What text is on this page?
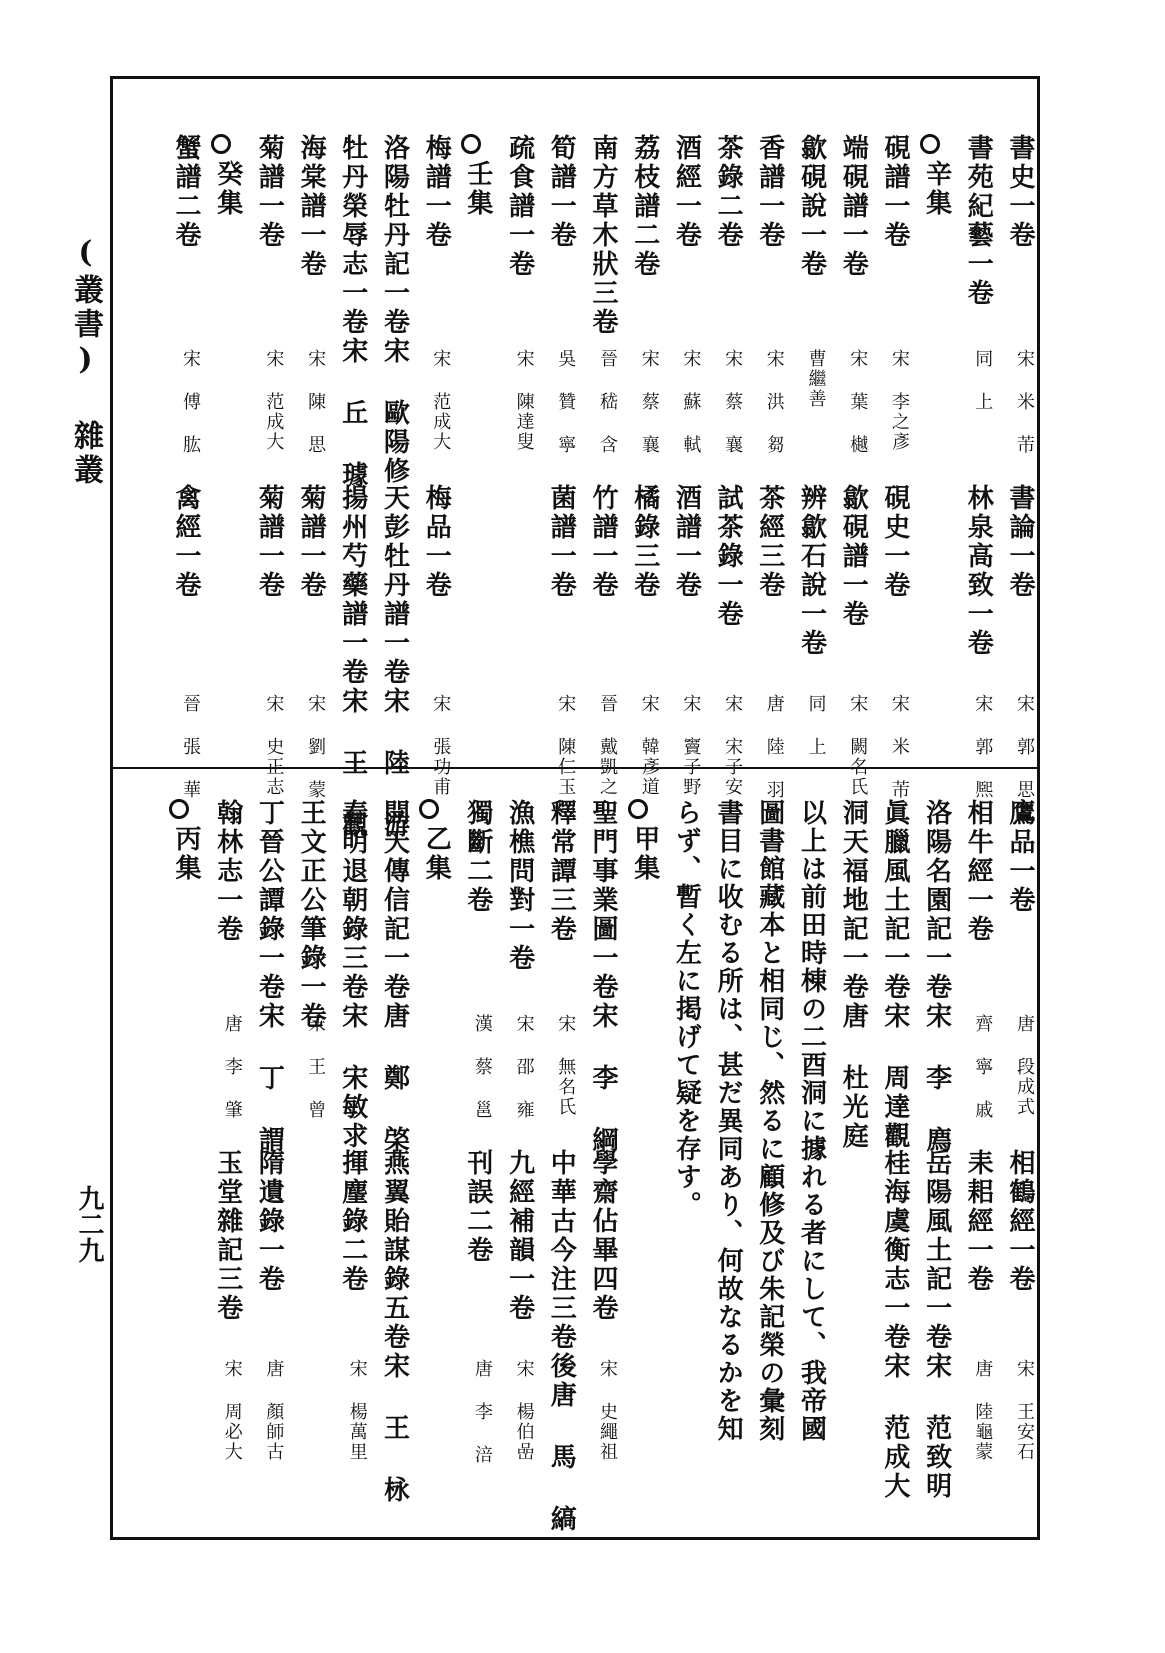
(叢書) 雜叢
九二九
書史一卷
宋 米 芾
書論一卷
宋 郭 思
書苑紀藝一卷
同 上
林泉高致一卷
宋 郭 熈
辛集
硯譜一卷
宋 李之彥
硯史一卷
宋 米 芾
端硯譜一卷
宋 葉 樾
歙硯譜一卷
宋 闕名氏
歙硯說一卷
曹繼善
辨歙石說一卷
同 上
香譜一卷
宋 洪 芻
茶經三卷
唐 陸 羽
茶錄二卷
宋 蔡 襄
試茶錄一卷
宋 宋子安
酒經一卷
宋 蘇 軾
酒譜一卷
宋 竇子野
荔枝譜二卷
宋 蔡 襄
橘錄三卷
宋 韓彥道
南方草木狀三卷
晉 嵇 含
竹譜一卷
晉 戴凱之
筍譜一卷
吳 贊 寧
菌譜一卷
宋 陳仁玉
疏食譜一卷
宋 陳達叟
壬集
梅譜一卷
宋 范成大
梅品一卷
宋 張功甫
洛陽牡丹記一卷宋 歐陽修
天彭牡丹譜一卷宋 陸 游
牡丹榮辱志一卷宋 丘 璩
揚州芍藥譜一卷宋 王 觀
海棠譜一卷
宋 陳 思
菊譜一卷
宋 劉 蒙
菊譜一卷
宋 范成大
菊譜一卷
宋 史正志
癸集
蟹譜二卷
宋 傅 肱
禽經一卷
晉 張 華
鷹品一卷
唐 段成式
相鶴經一卷
宋 王安石
相牛經一卷
齊 寧 戚
耒耜經一卷
唐 陸龜蒙
洛陽名園記一卷宋 李 廌
岳陽風土記一卷宋 范致明
眞臘風土記一卷宋 周達觀
桂海虞衡志一卷宋 范成大
洞天福地記一卷唐 杜光庭
以上は前田時棟の二酉洞に據れる者にして、我帝國
圖書館藏本と相同じ、然るに顧修及び朱記榮の彙刻
書目に收むる所は、甚だ異同あり、何故なるかを知
らず、暫く左に掲げて疑を存す。
甲集
聖門事業圖一卷宋 李 綱
學齋佔畢四卷
宋 史繩祖
釋常譚三卷
宋 無名氏
中華古今注三卷後唐 馬 縞
漁樵問對一卷
宋 邵 雍
九經補韻一卷
宋 楊伯嵒
獨斷二卷
漢 蔡 邕
刊誤二卷
唐 李 涪
乙集
開天傳信記一卷唐 鄭 棨
燕翼貽謀錄五卷宋 王 栐
春明退朝錄三卷宋 宋敏求
揮麈錄二卷
宋 楊萬里
王文正公筆錄一卷
宋 王 曾
丁晉公譚錄一卷宋 丁 謂
隋遺錄一卷
唐 顏師古
翰林志一卷
唐 李 肇
玉堂雜記三卷
宋 周必大
丙集
